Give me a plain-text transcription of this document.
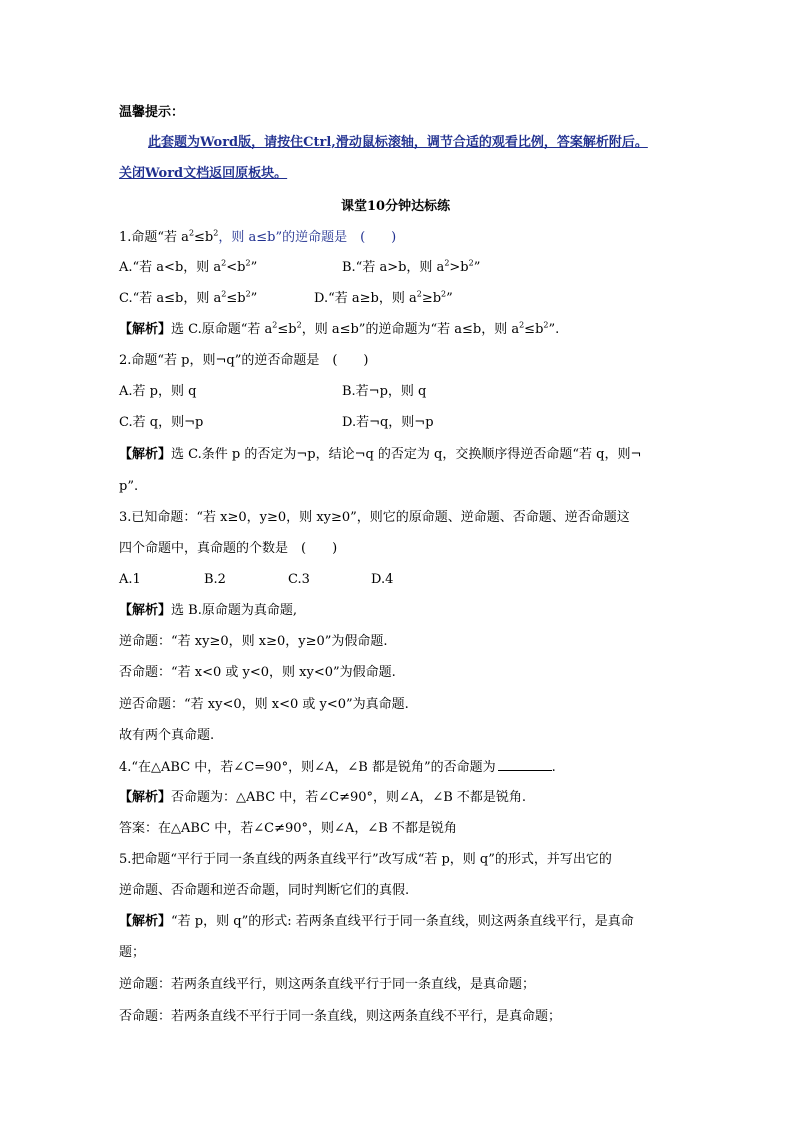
温馨提示：
此套题为Word版，请按住Ctrl,滑动鼠标滚轴，调节合适的观看比例，答案解析附后。
关闭Word文档返回原板块。
课堂10分钟达标练
1.命题“若 $a^2\le b^2$，则 a≤b”的逆命题是　(　　)
A.“若 a<b，则 $a^2<b^2$”	B.“若 a>b，则 $a^2>b^2$”
C.“若 a≤b，则 $a^2\le b^2$”	D.“若 a≥b，则 $a^2\ge b^2$”
【解析】选 C.原命题“若 $a^2\le b^2$，则 a≤b”的逆命题为“若 a≤b，则 $a^2\le b^2$”.
2.命题“若 p，则¬q”的逆否命题是　(　　)
A.若 p，则 q	B.若¬p，则 q
C.若 q，则¬p	D.若¬q，则¬p
【解析】选 C.条件 p 的否定为¬p，结论¬q 的否定为 q，交换顺序得逆否命题“若 q，则¬
p”.
3.已知命题：“若 x≥0，y≥0，则 xy≥0”，则它的原命题、逆命题、否命题、逆否命题这
四个命题中，真命题的个数是　(　　)
A.1	B.2	C.3	D.4
【解析】选 B.原命题为真命题,
逆命题：“若 xy≥0，则 x≥0，y≥0”为假命题.
否命题：“若 x<0 或 y<0，则 xy<0”为假命题.
逆否命题：“若 xy<0，则 x<0 或 y<0”为真命题.
故有两个真命题.
4.“在△ABC 中，若∠C=90°，则∠A，∠B 都是锐角”的否命题为	.
【解析】否命题为：△ABC 中，若∠C≠90°，则∠A，∠B 不都是锐角.
答案：在△ABC 中，若∠C≠90°，则∠A，∠B 不都是锐角
5.把命题“平行于同一条直线的两条直线平行”改写成“若 p，则 q”的形式，并写出它的
逆命题、否命题和逆否命题，同时判断它们的真假.
【解析】“若 p，则 q”的形式: 若两条直线平行于同一条直线，则这两条直线平行，是真命
题；
逆命题：若两条直线平行，则这两条直线平行于同一条直线，是真命题；
否命题：若两条直线不平行于同一条直线，则这两条直线不平行，是真命题；
